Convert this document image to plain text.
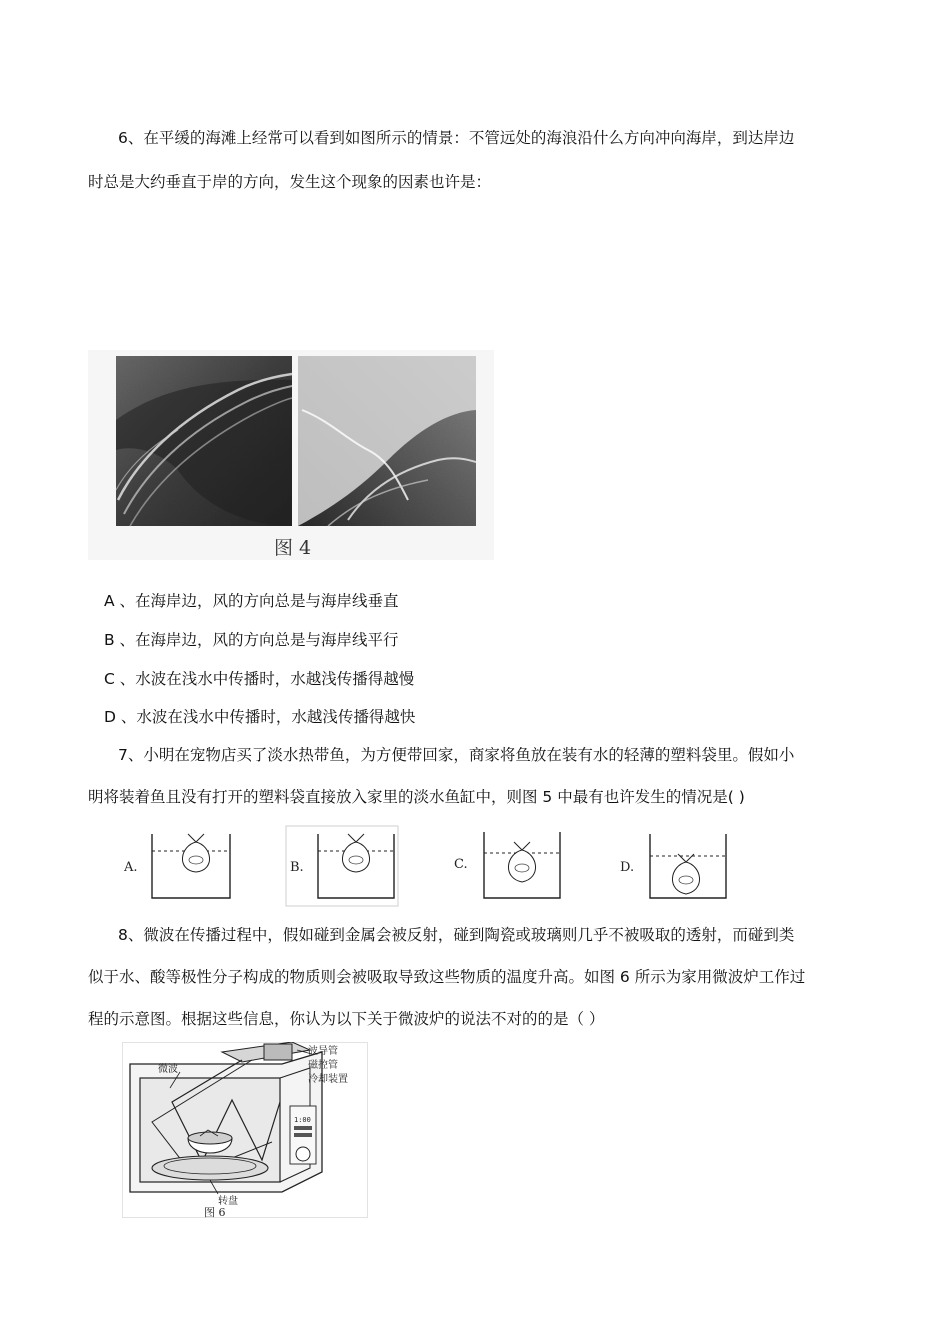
6、在平缓的海滩上经常可以看到如图所示的情景：不管远处的海浪沿什么方向冲向海岸，到达岸边
时总是大约垂直于岸的方向，发生这个现象的因素也许是：
图 4
A 、在海岸边，风的方向总是与海岸线垂直
B 、在海岸边，风的方向总是与海岸线平行
C 、水波在浅水中传播时，水越浅传播得越慢
D 、水波在浅水中传播时，水越浅传播得越快
7、小明在宠物店买了淡水热带鱼，为方便带回家，商家将鱼放在装有水的轻薄的塑料袋里。假如小
明将装着鱼且没有打开的塑料袋直接放入家里的淡水鱼缸中，则图 5 中最有也许发生的情况是( )
A.	B.	C.	D.
8、微波在传播过程中，假如碰到金属会被反射，碰到陶瓷或玻璃则几乎不被吸取的透射，而碰到类
似于水、酸等极性分子构成的物质则会被吸取导致这些物质的温度升高。如图 6 所示为家用微波炉工作过
程的示意图。根据这些信息，你认为以下关于微波炉的说法不对的的是（ ）
1:00
微波
波导管
磁控管
冷却装置
转盘
图 6
